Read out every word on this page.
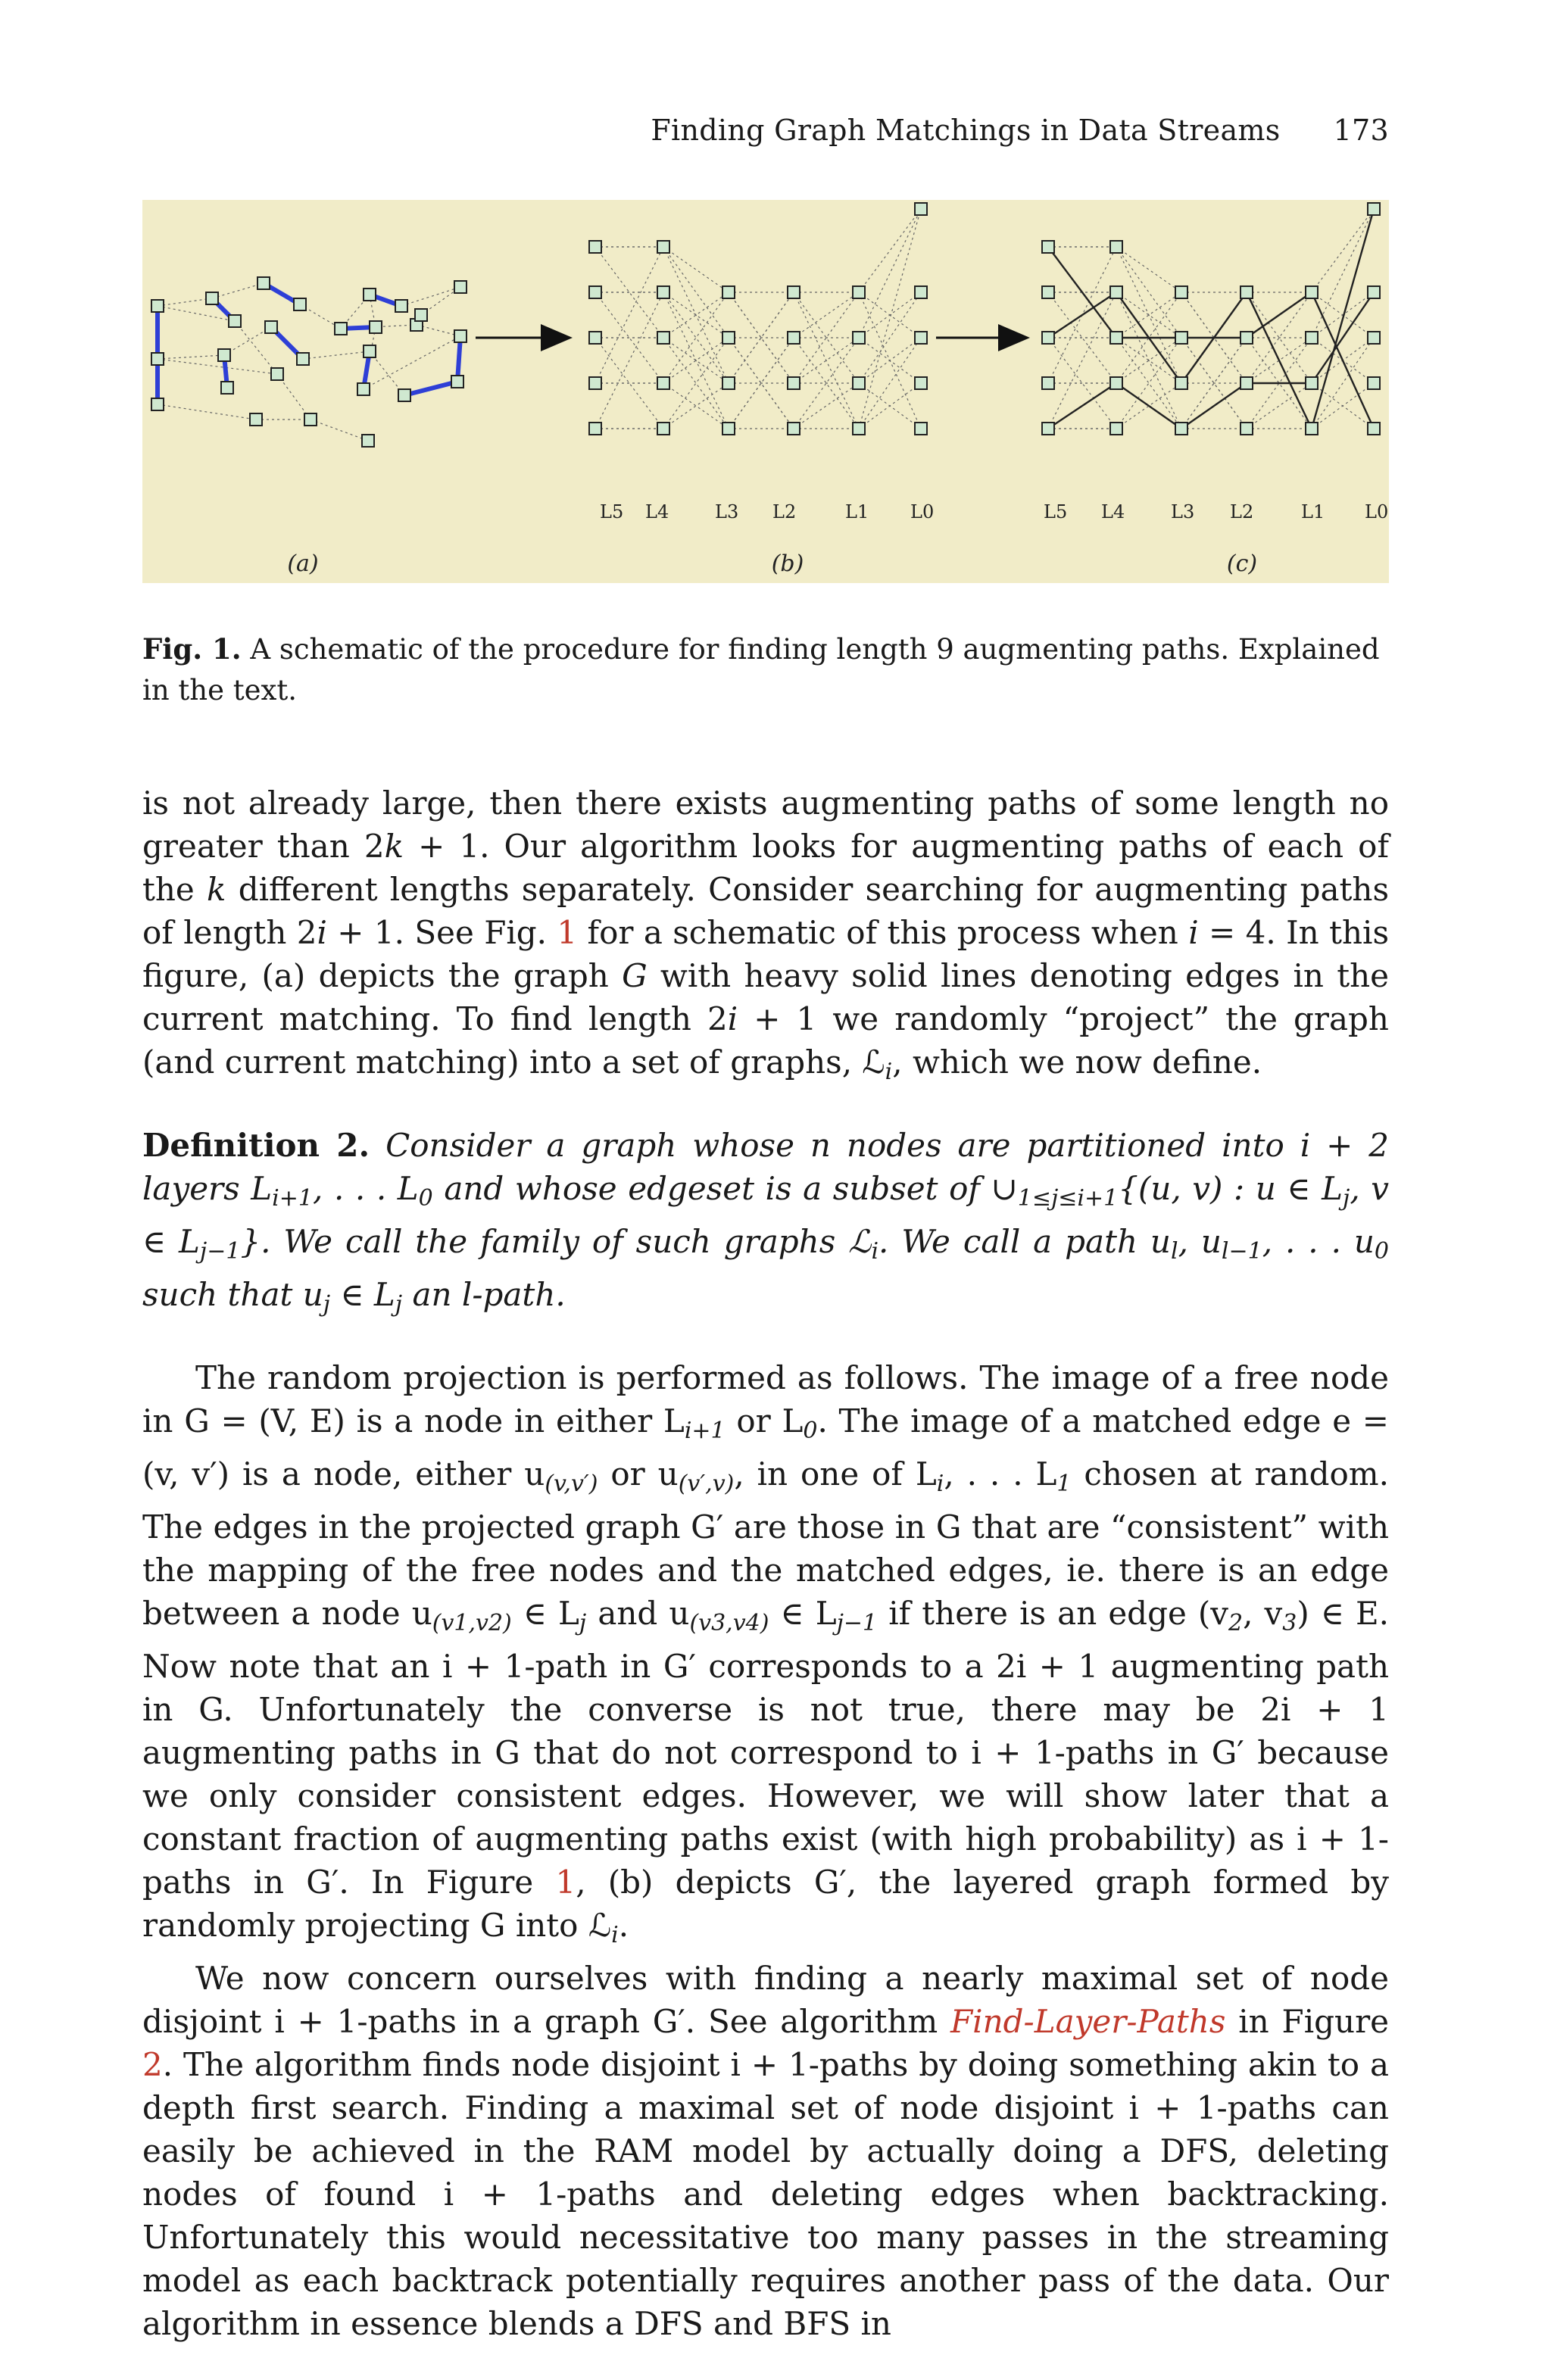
Finding Graph Matchings in Data Streams 173
(a)	(b)	(c)
L5 L4	L3 L2	L1 L0	L5 L4	L3 L2	L1 L0
Fig. 1. A schematic of the procedure for finding length 9 augmenting paths. Explained in the text.

is not already large, then there exists augmenting paths of some length no greater than 2k + 1. Our algorithm looks for augmenting paths of each of the k different lengths separately. Consider searching for augmenting paths of length 2i + 1. See Fig. 1 for a schematic of this process when i = 4. In this figure, (a) depicts the graph G with heavy solid lines denoting edges in the current matching. To find length 2i + 1 we randomly “project” the graph (and current matching) into a set of graphs, ℒ$_i$, which we now define.

Definition 2. Consider a graph whose n nodes are partitioned into i + 2 layers $L_{i+1}$, . . . $L_0$ and whose edgeset is a subset of $\cup_{1\le j\le i+1}\{(u$, v) : u ∈ $L_j$, v ∈ $L_{j-1}$}. We call the family of such graphs ℒ$_i$. We call a path $u_l$, $u_{l-1}$, . . . $u_0$ such that $u_j$ ∈ $L_j$ an l-path.

The random projection is performed as follows. The image of a free node in G = (V, E) is a node in either $L_{i+1}$ or $L_0$. The image of a matched edge e = (v, v′) is a node, either $u_{(v,v')}$ or $u_{(v',v)}$, in one of $L_i$, . . . $L_1$ chosen at random. The edges in the projected graph G′ are those in G that are “consistent” with the mapping of the free nodes and the matched edges, ie. there is an edge between a node $u_{(v1,v2)}$ ∈ $L_j$ and $u_{(v3,v4)}$ ∈ $L_{j-1}$ if there is an edge ($v_2$, $v_3$) ∈ E. Now note that an i + 1-path in G′ corresponds to a 2i + 1 augmenting path in G. Unfortunately the converse is not true, there may be 2i + 1 augmenting paths in G that do not correspond to i + 1-paths in G′ because we only consider consistent edges. However, we will show later that a constant fraction of augmenting paths exist (with high probability) as i + 1-paths in G′. In Figure 1, (b) depicts G′, the layered graph formed by randomly projecting G into ℒ$_i$.

We now concern ourselves with finding a nearly maximal set of node disjoint i + 1-paths in a graph G′. See algorithm Find-Layer-Paths in Figure 2. The algorithm finds node disjoint i + 1-paths by doing something akin to a depth first search. Finding a maximal set of node disjoint i + 1-paths can easily be achieved in the RAM model by actually doing a DFS, deleting nodes of found i + 1-paths and deleting edges when backtracking. Unfortunately this would necessitative too many passes in the streaming model as each backtrack potentially requires another pass of the data. Our algorithm in essence blends a DFS and BFS in
